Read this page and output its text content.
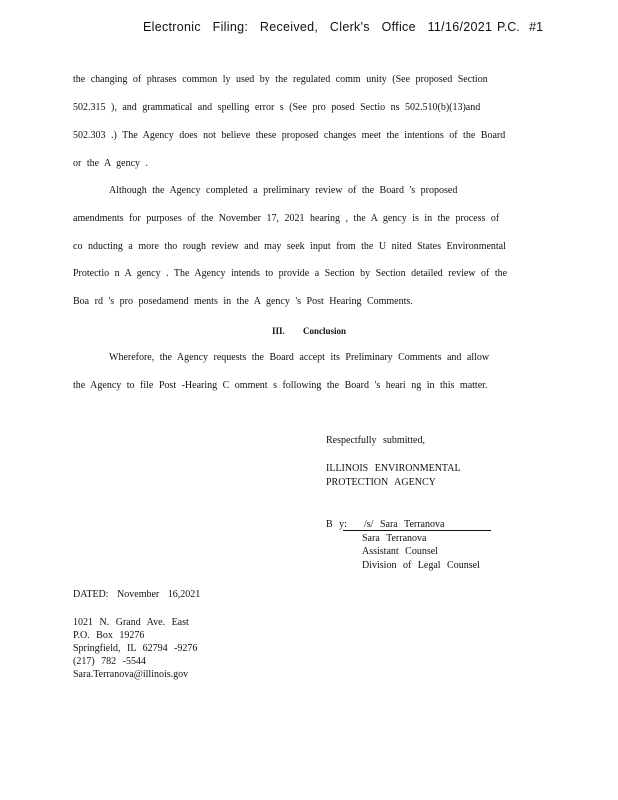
Electronic Filing: Received, Clerk's Office 11/16/2021 P.C. #1
the changing of phrases common ly used by the regulated comm unity (See proposed Section
502.315 ), and grammatical and spelling error s (See pro posed Sectio ns 502.510(b)(13)and
502.303 .) The Agency does not believe these proposed changes meet the intentions of the Board
or the A gency .
Although the Agency completed a preliminary review of the Board 's proposed
amendments for purposes of the November 17, 2021 hearing , the A gency is in the process of
co nducting a more tho rough review and may seek input from the U nited States Environmental
Protectio n A gency . The Agency intends to provide a Section by Section detailed review of the
Boa rd 's pro posedamend ments in the A gency 's Post Hearing Comments.
III. Conclusion
Wherefore, the Agency requests the Board accept its Preliminary Comments and allow
the Agency to file Post -Hearing C omment s following the Board 's heari ng in this matter.
Respectfully submitted,
ILLINOIS ENVIRONMENTAL
PROTECTION AGENCY
B y: /s/ Sara Terranova
Sara Terranova
Assistant Counsel
Division of Legal Counsel
DATED: November 16,2021
1021 N. Grand Ave. East
P.O. Box 19276
Springfield, IL 62794 -9276
(217) 782 -5544
Sara.Terranova@illinois.gov
